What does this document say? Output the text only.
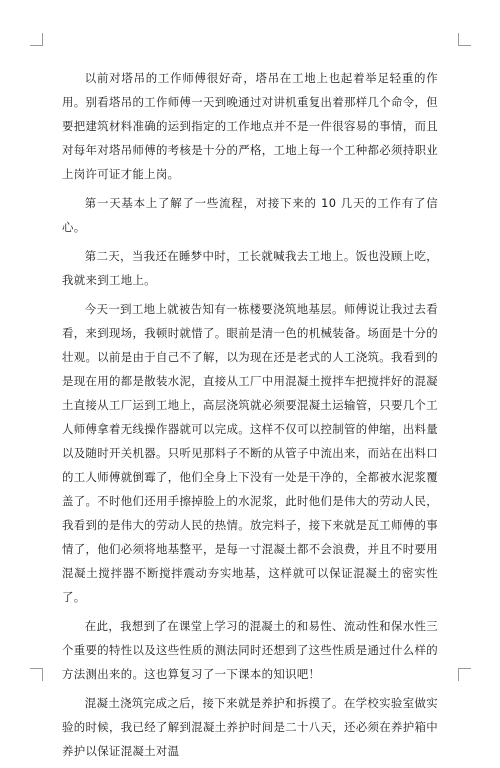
以前对塔吊的工作师傅很好奇，塔吊在工地上也起着举足轻重的作用。别看塔吊的工作师傅一天到晚通过对讲机重复出着那样几个命令，但要把建筑材料准确的运到指定的工作地点并不是一件很容易的事情，而且对每年对塔吊师傅的考核是十分的严格，工地上每一个工种都必须持职业上岗许可证才能上岗。

第一天基本上了解了一些流程，对接下来的 10 几天的工作有了信心。

第二天，当我还在睡梦中时，工长就喊我去工地上。饭也没顾上吃，我就来到工地上。

今天一到工地上就被告知有一栋楼要浇筑地基层。师傅说让我过去看看，来到现场，我顿时就惜了。眼前是清一色的机械装备。场面是十分的壮观。以前是由于自己不了解，以为现在还是老式的人工浇筑。我看到的是现在用的都是散装水泥，直接从工厂中用混凝土搅拌车把搅拌好的混凝土直接从工厂运到工地上，高层浇筑就必须要混凝土运输管，只要几个工人师傅拿着无线操作器就可以完成。这样不仅可以控制管的伸缩，出料量以及随时开关机器。只听见那料子不断的从管子中流出来，而站在出料口的工人师傅就倒霉了，他们全身上下没有一处是干净的，全都被水泥浆覆盖了。不时他们还用手擦掉脸上的水泥浆，此时他们是伟大的劳动人民，我看到的是伟大的劳动人民的热情。放完料子，接下来就是瓦工师傅的事情了，他们必须将地基整平，是每一寸混凝土都不会浪费，并且不时要用混凝土搅拌器不断搅拌震动夯实地基，这样就可以保证混凝土的密实性了。

在此，我想到了在课堂上学习的混凝土的和易性、流动性和保水性三个重要的特性以及这些性质的测法同时还想到了这些性质是通过什么样的方法测出来的。这也算复习了一下课本的知识吧！

混凝土浇筑完成之后，接下来就是养护和拆摸了。在学校实验室做实验的时候，我已经了解到混凝土养护时间是二十八天，还必须在养护箱中养护以保证混凝土对温
